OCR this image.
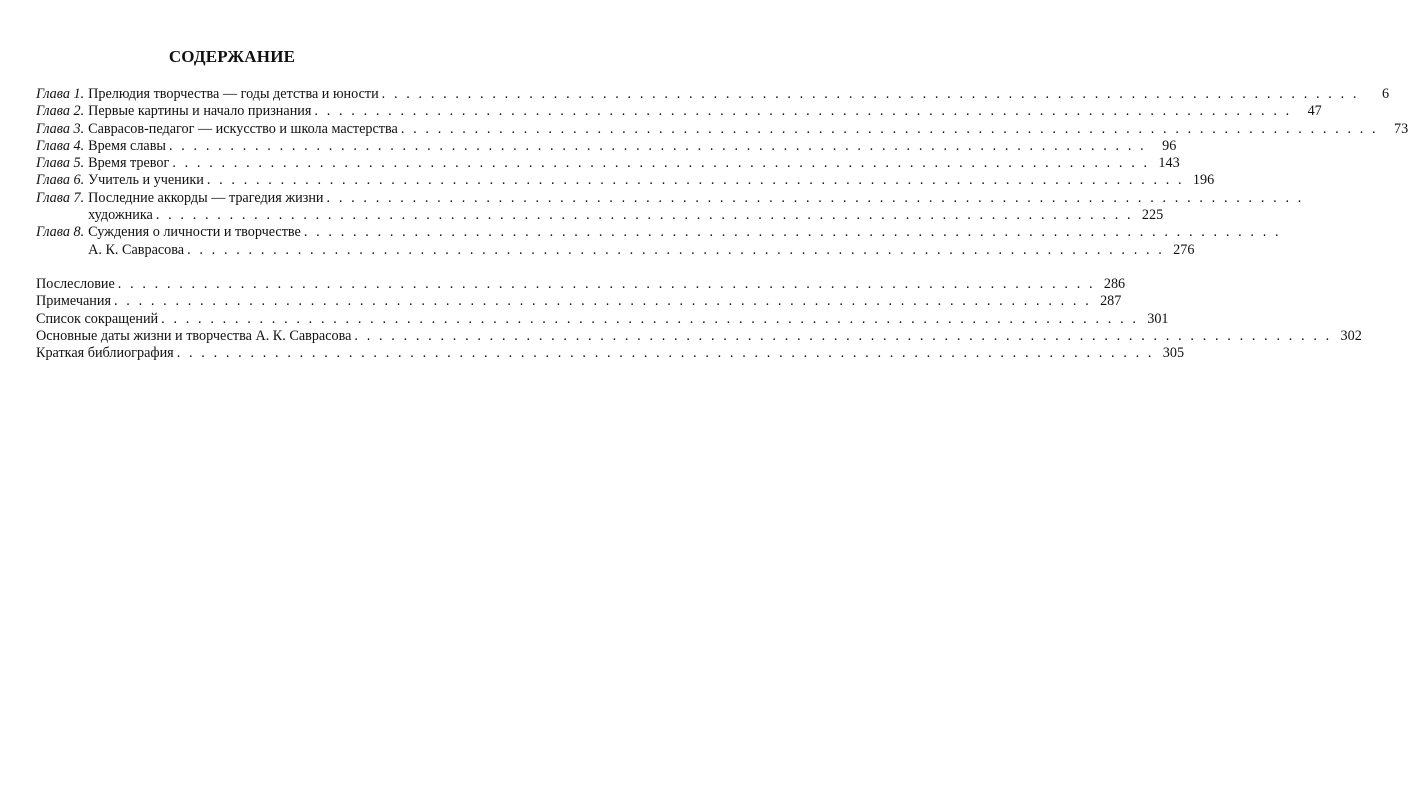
СОДЕРЖАНИЕ
Глава 1. Прелюдия творчества — годы детства и юности . . . . . . . . . . . . . . . . . . . . . . . . . . . . . . . . . . . . . . . . . . . . . . . . . . . . . . . . . . . . . . . . . . . . . . . . . . . . . . . .	6
Глава 2. Первые картины и начало признания . . . . . . . . . . . . . . . . . . . . . . . . . . . . . . . . . . . . . . . . . . . . . . . . . . . . . . . . . . . . . . . . . . . . . . . . . . . . . . . .	47
Глава 3. Саврасов-педагог — искусство и школа мастерства . . . . . . . . . . . . . . . . . . . . . . . . . . . . . . . . . . . . . . . . . . . . . . . . . . . . . . . . . . . . . . . . . . . . . . . . . . . . . . . .	73
Глава 4. Время славы . . . . . . . . . . . . . . . . . . . . . . . . . . . . . . . . . . . . . . . . . . . . . . . . . . . . . . . . . . . . . . . . . . . . . . . . . . . . . . . .	96
Глава 5. Время тревог . . . . . . . . . . . . . . . . . . . . . . . . . . . . . . . . . . . . . . . . . . . . . . . . . . . . . . . . . . . . . . . . . . . . . . . . . . . . . . . . 143
Глава 6. Учитель и ученики . . . . . . . . . . . . . . . . . . . . . . . . . . . . . . . . . . . . . . . . . . . . . . . . . . . . . . . . . . . . . . . . . . . . . . . . . . . . . . . . 196
Глава 7. Последние аккорды — трагедия жизни . . . . . . . . . . . . . . . . . . . . . . . . . . . . . . . . . . . . . . . . . . . . . . . . . . . . . . . . . . . . . . . . . . . . . . . . . . . . . . . .
художника . . . . . . . . . . . . . . . . . . . . . . . . . . . . . . . . . . . . . . . . . . . . . . . . . . . . . . . . . . . . . . . . . . . . . . . . . . . . . . . . 225
Глава 8. Суждения о личности и творчестве . . . . . . . . . . . . . . . . . . . . . . . . . . . . . . . . . . . . . . . . . . . . . . . . . . . . . . . . . . . . . . . . . . . . . . . . . . . . . . . .
А. К. Саврасова . . . . . . . . . . . . . . . . . . . . . . . . . . . . . . . . . . . . . . . . . . . . . . . . . . . . . . . . . . . . . . . . . . . . . . . . . . . . . . . . 276
Послесловие . . . . . . . . . . . . . . . . . . . . . . . . . . . . . . . . . . . . . . . . . . . . . . . . . . . . . . . . . . . . . . . . . . . . . . . . . . . . . . . . 286
Примечания . . . . . . . . . . . . . . . . . . . . . . . . . . . . . . . . . . . . . . . . . . . . . . . . . . . . . . . . . . . . . . . . . . . . . . . . . . . . . . . . 287
Список сокращений . . . . . . . . . . . . . . . . . . . . . . . . . . . . . . . . . . . . . . . . . . . . . . . . . . . . . . . . . . . . . . . . . . . . . . . . . . . . . . . . 301
Основные даты жизни и творчества А. К. Саврасова . . . . . . . . . . . . . . . . . . . . . . . . . . . . . . . . . . . . . . . . . . . . . . . . . . . . . . . . . . . . . . . . . . . . . . . . . . . . . . . . 302
Краткая библиография . . . . . . . . . . . . . . . . . . . . . . . . . . . . . . . . . . . . . . . . . . . . . . . . . . . . . . . . . . . . . . . . . . . . . . . . . . . . . . . . 305
